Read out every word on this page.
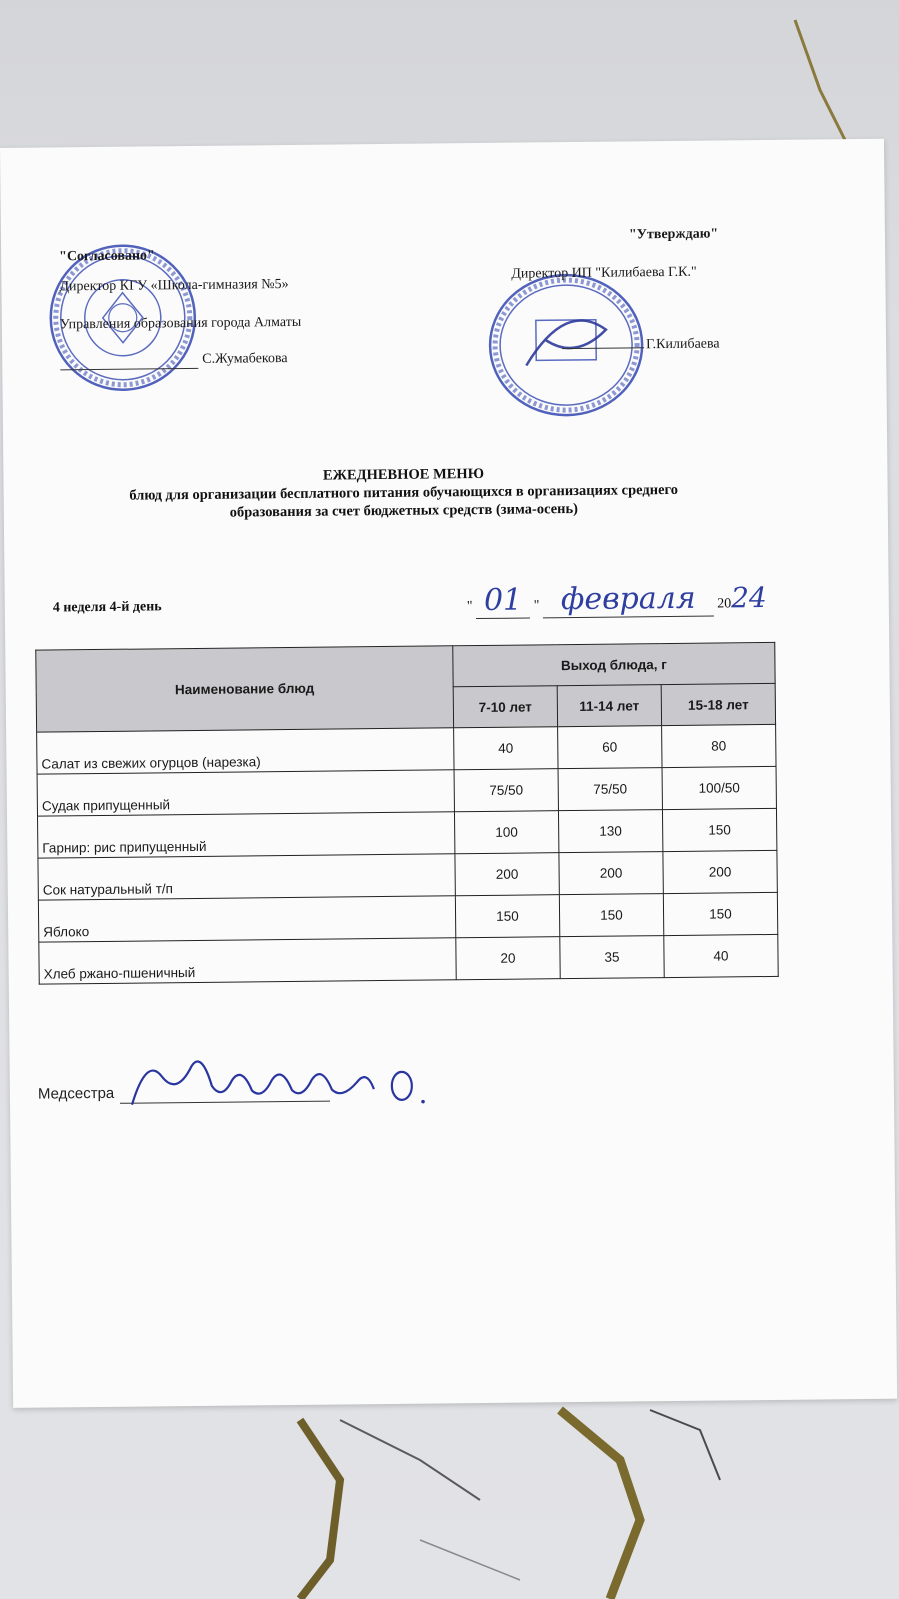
"Согласовано"
Директор КГУ «Школа-гимназия №5»
Управления образования города Алматы
С.Жумабекова
"Утверждаю"
Директор ИП "Килибаева Г.К."
Г.Килибаева
ЕЖЕДНЕВНОЕ МЕНЮ
блюд для организации бесплатного питания обучающихся в организациях среднего
образования за счет бюджетных средств (зима-осень)
4 неделя 4-й день	" 01 " февраля 2024
Наименование блюд	Выход блюда, г		
	7-10 лет	11-14 лет	15-18 лет
Салат из свежих огурцов (нарезка)	40	60	80
Судак припущенный	75/50	75/50	100/50
Гарнир: рис припущенный	100	130	150
Сок натуральный т/п	200	200	200
Яблоко	150	150	150
Хлеб ржано-пшеничный	20	35	40
Медсестра
